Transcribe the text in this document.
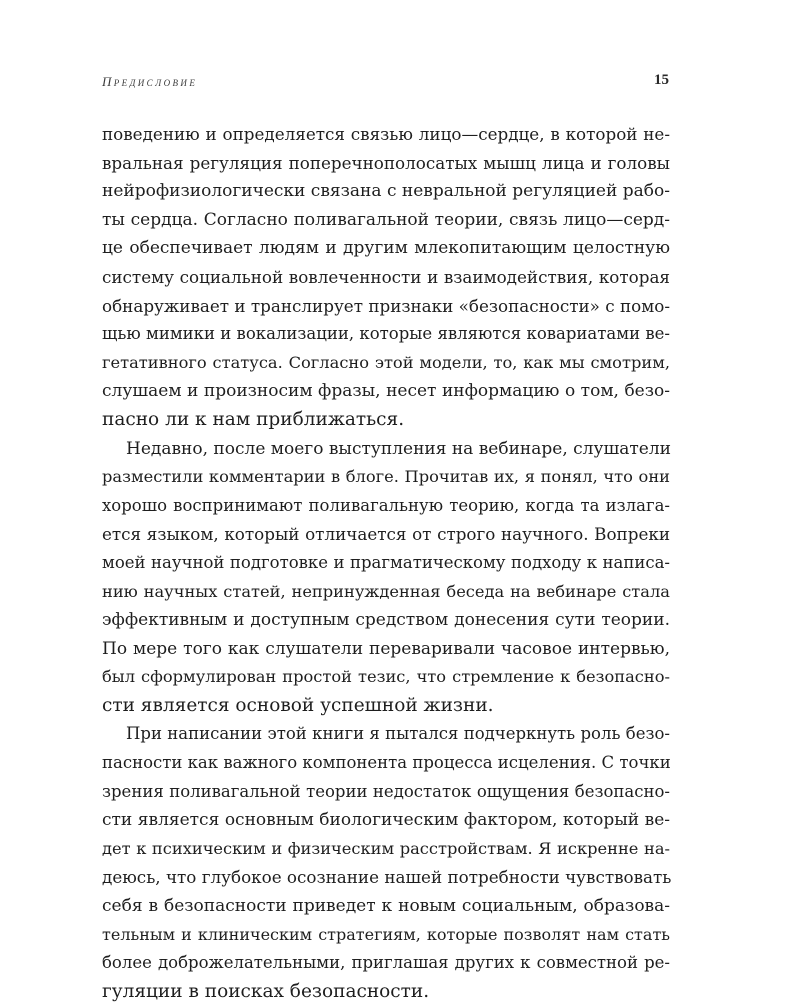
Предисловие	15
поведению и определяется связью лицо—сердце, в которой не-
вральная регуляция поперечнополосатых мышц лица и головы
нейрофизиологически связана с невральной регуляцией рабо-
ты сердца. Согласно поливагальной теории, связь лицо—серд-
це обеспечивает людям и другим млекопитающим целостную
систему социальной вовлеченности и взаимодействия, которая
обнаруживает и транслирует признаки «безопасности» с помо-
щью мимики и вокализации, которые являются ковариатами ве-
гетативного статуса. Согласно этой модели, то, как мы смотрим,
слушаем и произносим фразы, несет информацию о том, безо-
пасно ли к нам приближаться.
Недавно, после моего выступления на вебинаре, слушатели
разместили комментарии в блоге. Прочитав их, я понял, что они
хорошо воспринимают поливагальную теорию, когда та излага-
ется языком, который отличается от строго научного. Вопреки
моей научной подготовке и прагматическому подходу к написа-
нию научных статей, непринужденная беседа на вебинаре стала
эффективным и доступным средством донесения сути теории.
По мере того как слушатели переваривали часовое интервью,
был сформулирован простой тезис, что стремление к безопасно-
сти является основой успешной жизни.
При написании этой книги я пытался подчеркнуть роль безо-
пасности как важного компонента процесса исцеления. С точки
зрения поливагальной теории недостаток ощущения безопасно-
сти является основным биологическим фактором, который ве-
дет к психическим и физическим расстройствам. Я искренне на-
деюсь, что глубокое осознание нашей потребности чувствовать
себя в безопасности приведет к новым социальным, образова-
тельным и клиническим стратегиям, которые позволят нам стать
более доброжелательными, приглашая других к совместной ре-
гуляции в поисках безопасности.
